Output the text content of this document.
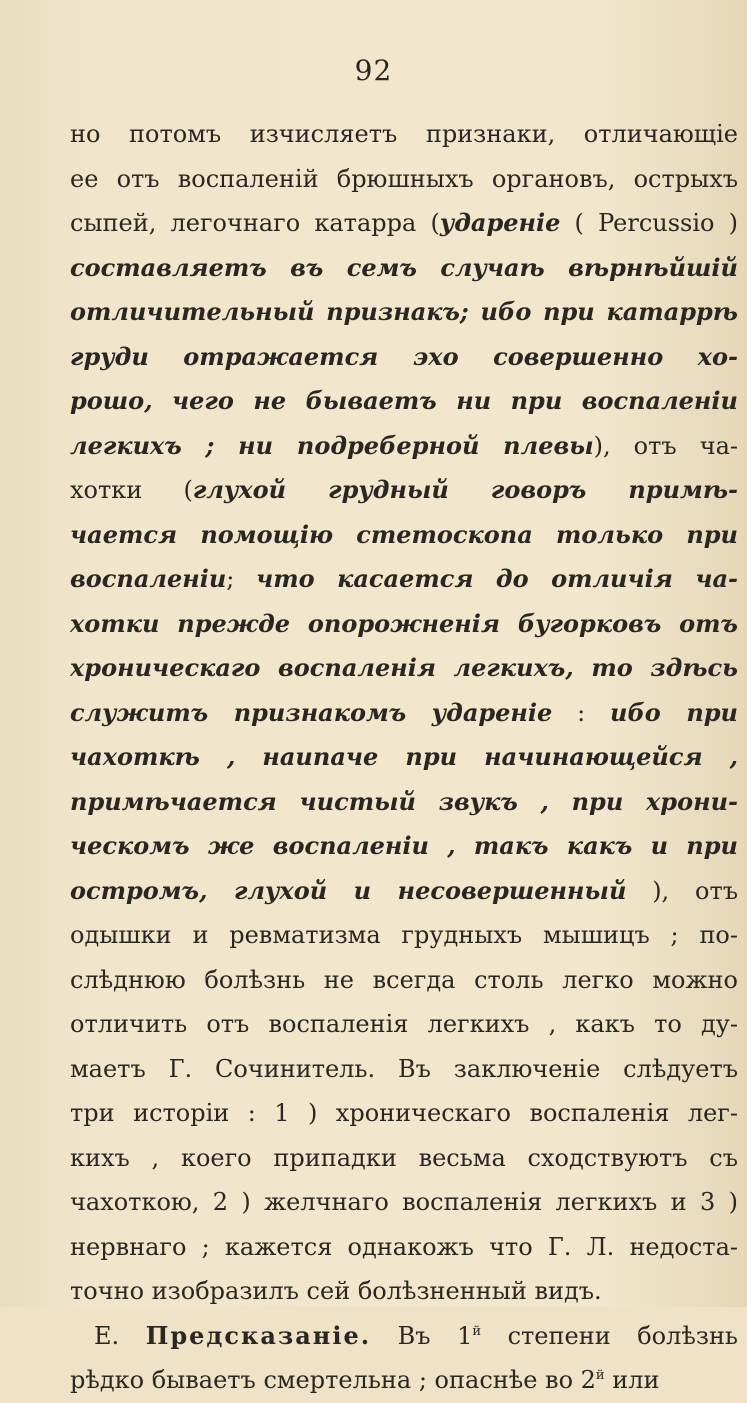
92
но потомъ изчисляетъ признаки, отличающіе
ее отъ воспаленій брюшныхъ органовъ, острыхъ
сыпей, легочнаго катарра (удареніе ( Percussio )
составляетъ въ семъ случаѣ вѣрнѣйшій
отличительный признакъ; ибо при катаррѣ
груди отражается эхо совершенно хо-
рошо, чего не бываетъ ни при воспаленіи
легкихъ ; ни подреберной плевы), отъ ча-
хотки (глухой грудный говоръ примѣ-
чается помощію стетоскопа только при
воспаленіи; что касается до отличія ча-
хотки прежде опорожненія бугорковъ отъ
хроническаго воспаленія легкихъ, то здѣсь
служитъ признакомъ удареніе : ибо при
чахоткѣ , наипаче при начинающейся ,
примѣчается чистый звукъ , при хрони-
ческомъ же воспаленіи , такъ какъ и при
остромъ, глухой и несовершенный ), отъ
одышки и ревматизма грудныхъ мышицъ ; по-
слѣднюю болѣзнь не всегда столь легко можно
отличить отъ воспаленія легкихъ , какъ то ду-
маетъ Г. Сочинитель. Въ заключеніе слѣдуетъ
три исторіи : 1 ) хроническаго воспаленія лег-
кихъ , коего припадки весьма сходствуютъ съ
чахоткою, 2 ) желчнаго воспаленія легкихъ и 3 )
нервнаго ; кажется однакожъ что Г. Л. недоста-
точно изобразилъ сей болѣзненный видъ.
Е. Предсказаніе. Въ $1^й$ степени болѣзнь
рѣдко бываетъ смертельна ; опаснѣе во $2^й$ или
